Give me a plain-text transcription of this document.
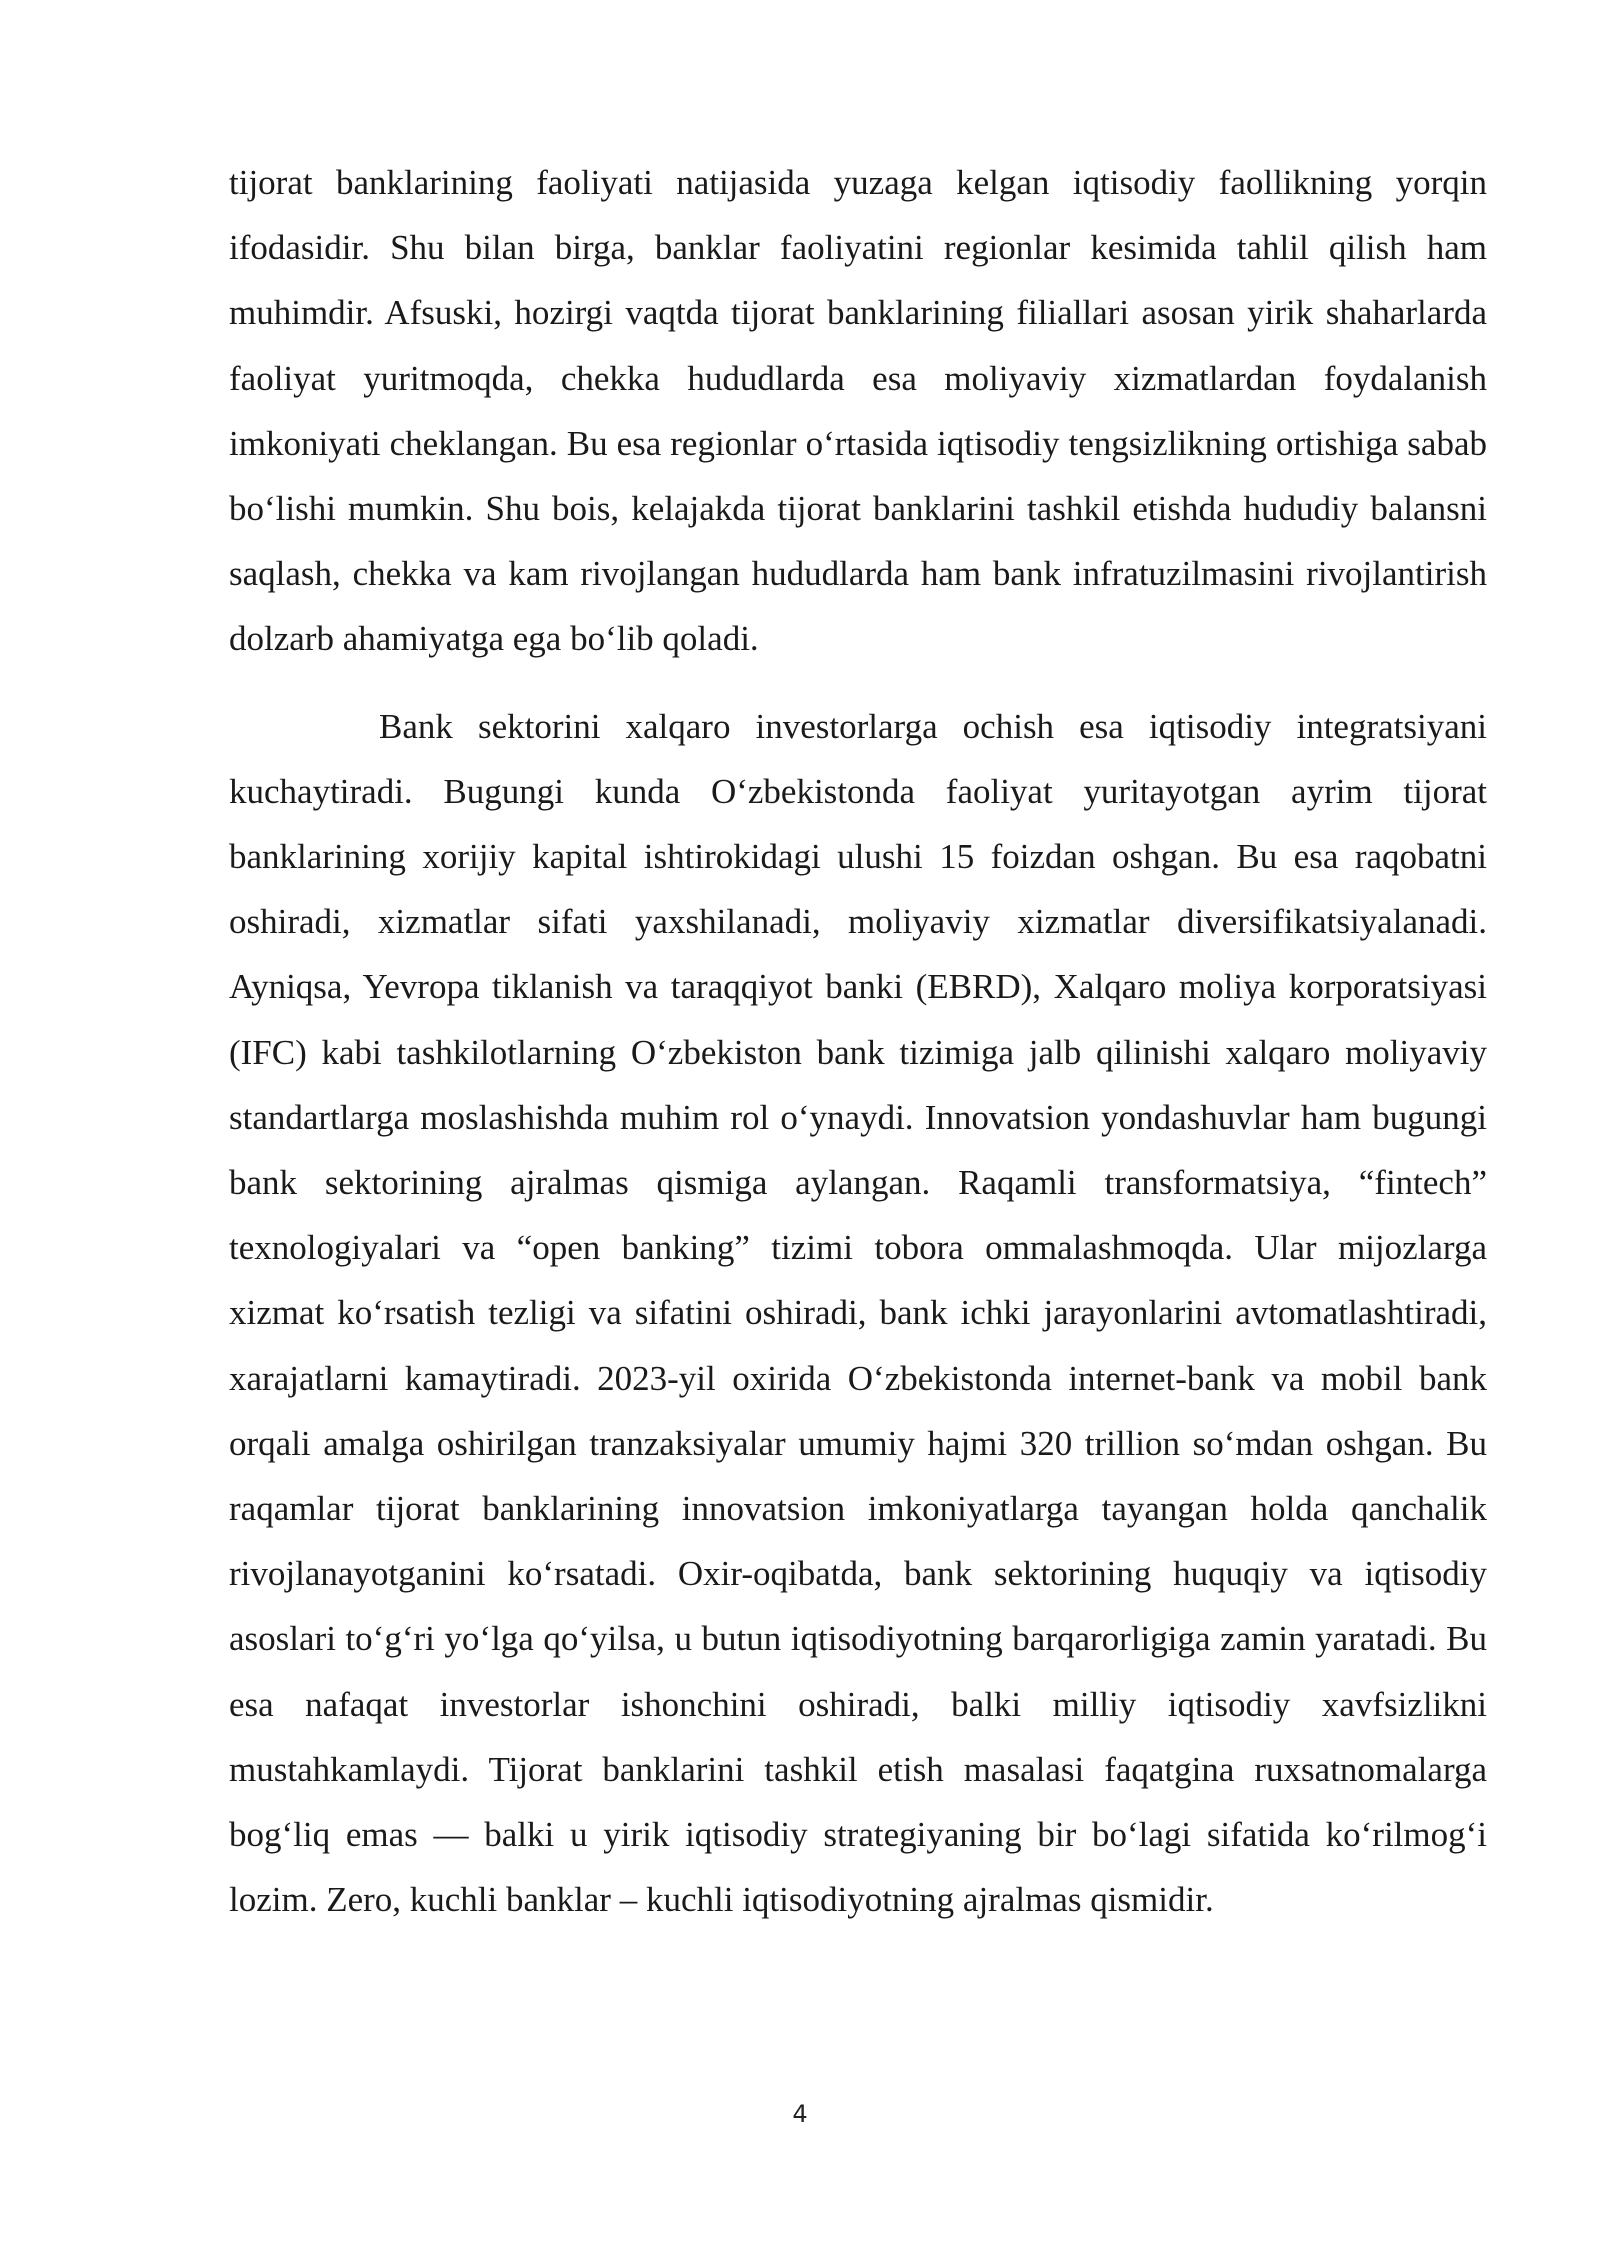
tijorat banklarining faoliyati natijasida yuzaga kelgan iqtisodiy faollikning yorqin ifodasidir. Shu bilan birga, banklar faoliyatini regionlar kesimida tahlil qilish ham muhimdir. Afsuski, hozirgi vaqtda tijorat banklarining filiallari asosan yirik shaharlarda faoliyat yuritmoqda, chekka hududlarda esa moliyaviy xizmatlardan foydalanish imkoniyati cheklangan. Bu esa regionlar o‘rtasida iqtisodiy tengsizlikning ortishiga sabab bo‘lishi mumkin. Shu bois, kelajakda tijorat banklarini tashkil etishda hududiy balansni saqlash, chekka va kam rivojlangan hududlarda ham bank infratuzilmasini rivojlantirish dolzarb ahamiyatga ega bo‘lib qoladi.

Bank sektorini xalqaro investorlarga ochish esa iqtisodiy integratsiyani kuchaytiradi. Bugungi kunda O‘zbekistonda faoliyat yuritayotgan ayrim tijorat banklarining xorijiy kapital ishtirokidagi ulushi 15 foizdan oshgan. Bu esa raqobatni oshiradi, xizmatlar sifati yaxshilanadi, moliyaviy xizmatlar diversifikatsiyalanadi. Ayniqsa, Yevropa tiklanish va taraqqiyot banki (EBRD), Xalqaro moliya korporatsiyasi (IFC) kabi tashkilotlarning O‘zbekiston bank tizimiga jalb qilinishi xalqaro moliyaviy standartlarga moslashishda muhim rol o‘ynaydi. Innovatsion yondashuvlar ham bugungi bank sektorining ajralmas qismiga aylangan. Raqamli transformatsiya, “fintech” texnologiyalari va “open banking” tizimi tobora ommalashmoqda. Ular mijozlarga xizmat ko‘rsatish tezligi va sifatini oshiradi, bank ichki jarayonlarini avtomatlashtiradi, xarajatlarni kamaytiradi. 2023-yil oxirida O‘zbekistonda internet-bank va mobil bank orqali amalga oshirilgan tranzaksiyalar umumiy hajmi 320 trillion so‘mdan oshgan. Bu raqamlar tijorat banklarining innovatsion imkoniyatlarga tayangan holda qanchalik rivojlanayotganini ko‘rsatadi. Oxir-oqibatda, bank sektorining huquqiy va iqtisodiy asoslari to‘g‘ri yo‘lga qo‘yilsa, u butun iqtisodiyotning barqarorligiga zamin yaratadi. Bu esa nafaqat investorlar ishonchini oshiradi, balki milliy iqtisodiy xavfsizlikni mustahkamlaydi. Tijorat banklarini tashkil etish masalasi faqatgina ruxsatnomalarga bog‘liq emas — balki u yirik iqtisodiy strategiyaning bir bo‘lagi sifatida ko‘rilmog‘i lozim. Zero, kuchli banklar – kuchli iqtisodiyotning ajralmas qismidir.

4
